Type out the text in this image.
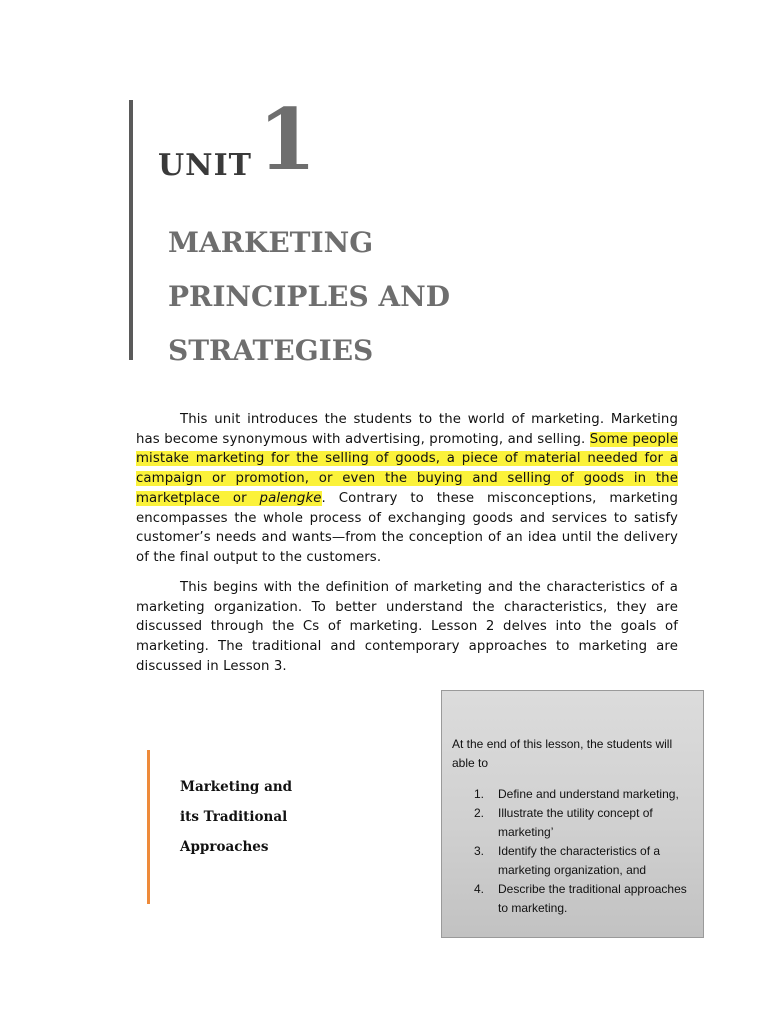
UNIT 1
MARKETING
PRINCIPLES AND
STRATEGIES

This unit introduces the students to the world of marketing. Marketing has become synonymous with advertising, promoting, and selling. Some people mistake marketing for the selling of goods, a piece of material needed for a campaign or promotion, or even the buying and selling of goods in the marketplace or palengke. Contrary to these misconceptions, marketing encompasses the whole process of exchanging goods and services to satisfy customer’s needs and wants—from the conception of an idea until the delivery of the final output to the customers.

This begins with the definition of marketing and the characteristics of a marketing organization. To better understand the characteristics, they are discussed through the Cs of marketing. Lesson 2 delves into the goals of marketing. The traditional and contemporary approaches to marketing are discussed in Lesson 3.

Marketing and
its Traditional
Approaches

At the end of this lesson, the students will able to

1.	Define and understand marketing,
2.	Illustrate the utility concept of marketing’
3.	Identify the characteristics of a marketing organization, and
4.	Describe the traditional approaches to marketing.
